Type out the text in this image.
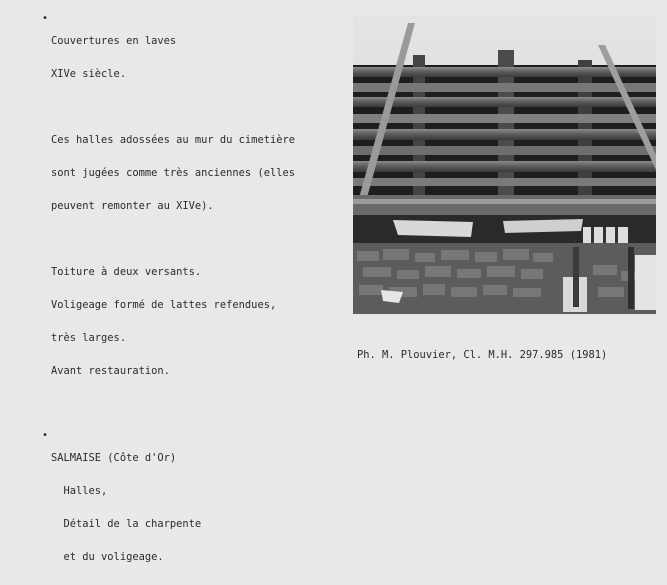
•

Couvertures en laves

XIVe siècle.

Ces halles adossées au mur du cimetière

sont jugées comme très anciennes (elles

peuvent remonter au XIVe).

Toiture à deux versants.

Voligeage formé de lattes refendues,

très larges.

Avant restauration.

Ph. M. Plouvier, Cl. M.H. 297.985 (1981)
•

SALMAISE (Côte d'Or)

Halles,

Détail de la charpente

et du voligeage.
